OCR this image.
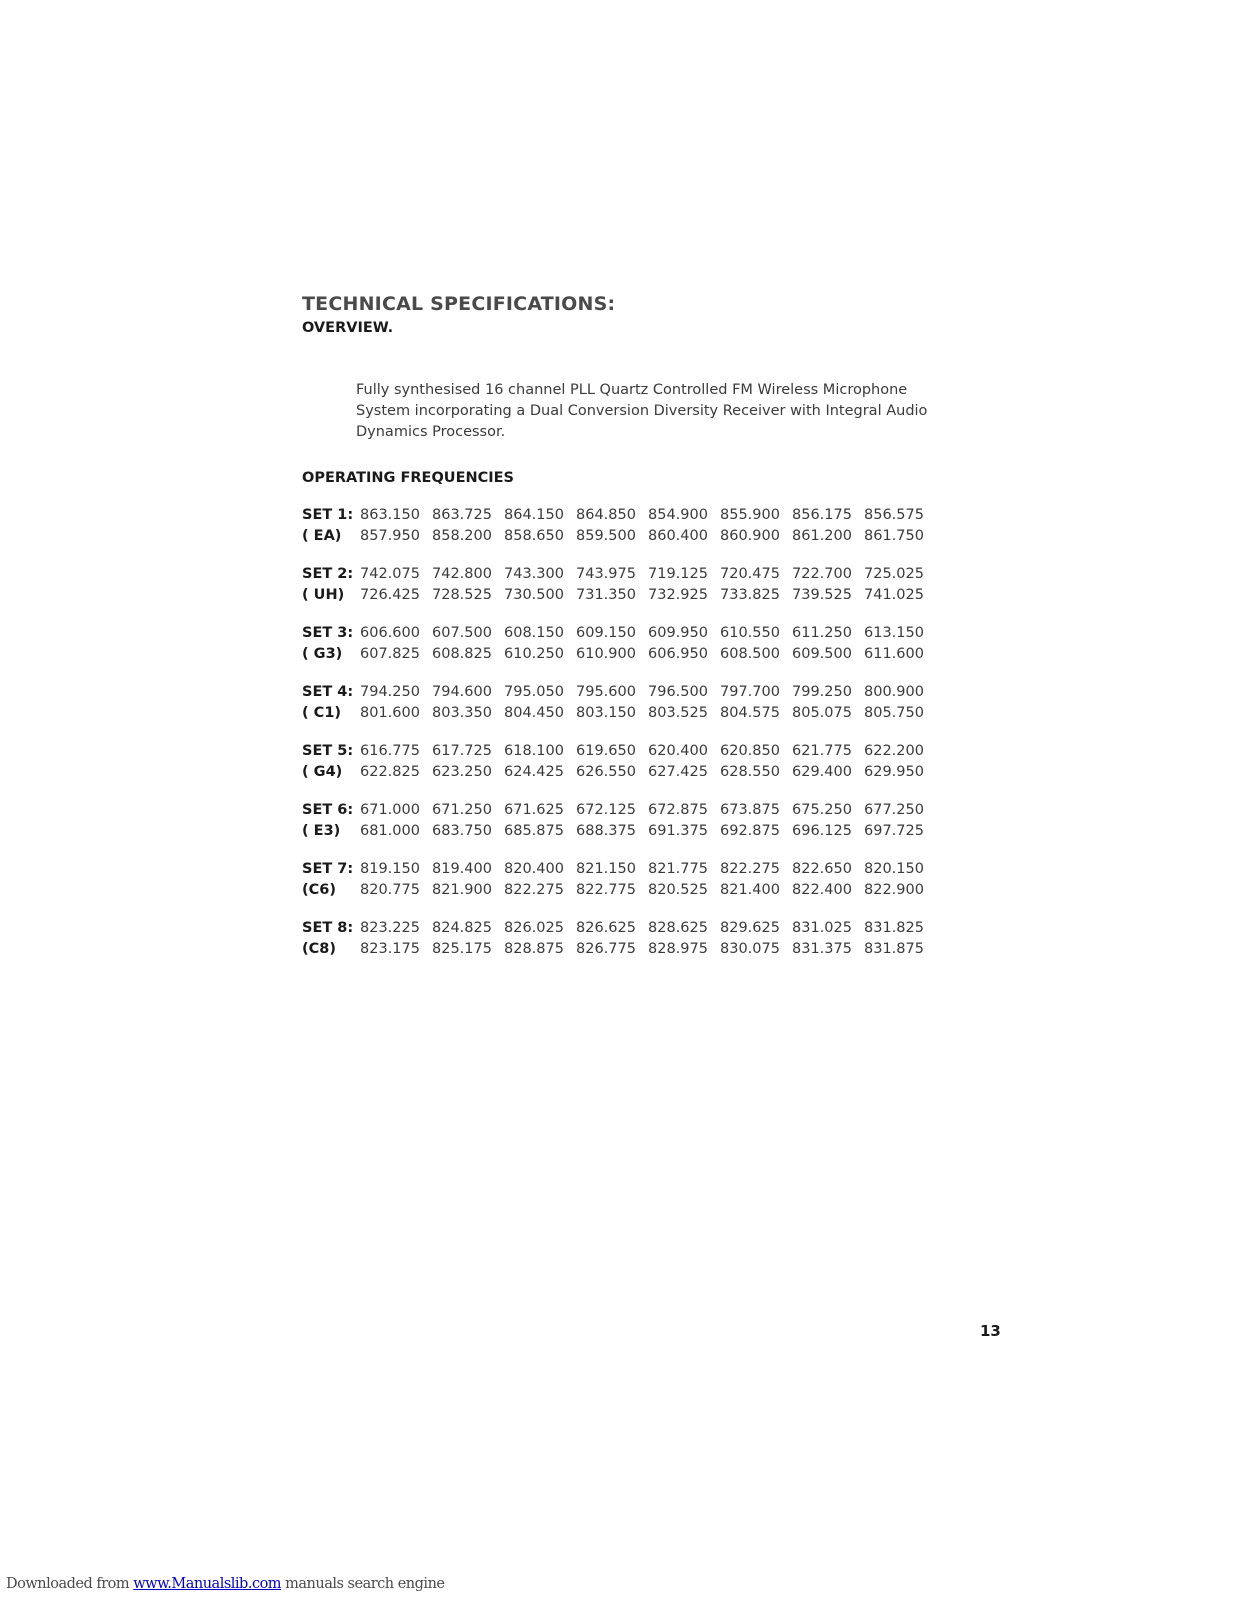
TECHNICAL SPECIFICATIONS:
OVERVIEW.
Fully synthesised 16 channel PLL Quartz Controlled FM Wireless Microphone System incorporating a Dual Conversion Diversity Receiver with Integral Audio Dynamics Processor.
OPERATING FREQUENCIES
SET 1: 863.150 863.725 864.150 864.850 854.900 855.900 856.175 856.575
( EA) 857.950 858.200 858.650 859.500 860.400 860.900 861.200 861.750
SET 2: 742.075 742.800 743.300 743.975 719.125 720.475 722.700 725.025
( UH) 726.425 728.525 730.500 731.350 732.925 733.825 739.525 741.025
SET 3: 606.600 607.500 608.150 609.150 609.950 610.550 611.250 613.150
( G3) 607.825 608.825 610.250 610.900 606.950 608.500 609.500 611.600
SET 4: 794.250 794.600 795.050 795.600 796.500 797.700 799.250 800.900
( C1) 801.600 803.350 804.450 803.150 803.525 804.575 805.075 805.750
SET 5: 616.775 617.725 618.100 619.650 620.400 620.850 621.775 622.200
( G4) 622.825 623.250 624.425 626.550 627.425 628.550 629.400 629.950
SET 6: 671.000 671.250 671.625 672.125 672.875 673.875 675.250 677.250
( E3) 681.000 683.750 685.875 688.375 691.375 692.875 696.125 697.725
SET 7: 819.150 819.400 820.400 821.150 821.775 822.275 822.650 820.150
(C6) 820.775 821.900 822.275 822.775 820.525 821.400 822.400 822.900
SET 8: 823.225 824.825 826.025 826.625 828.625 829.625 831.025 831.825
(C8) 823.175 825.175 828.875 826.775 828.975 830.075 831.375 831.875
13
Downloaded from www.Manualslib.com manuals search engine
